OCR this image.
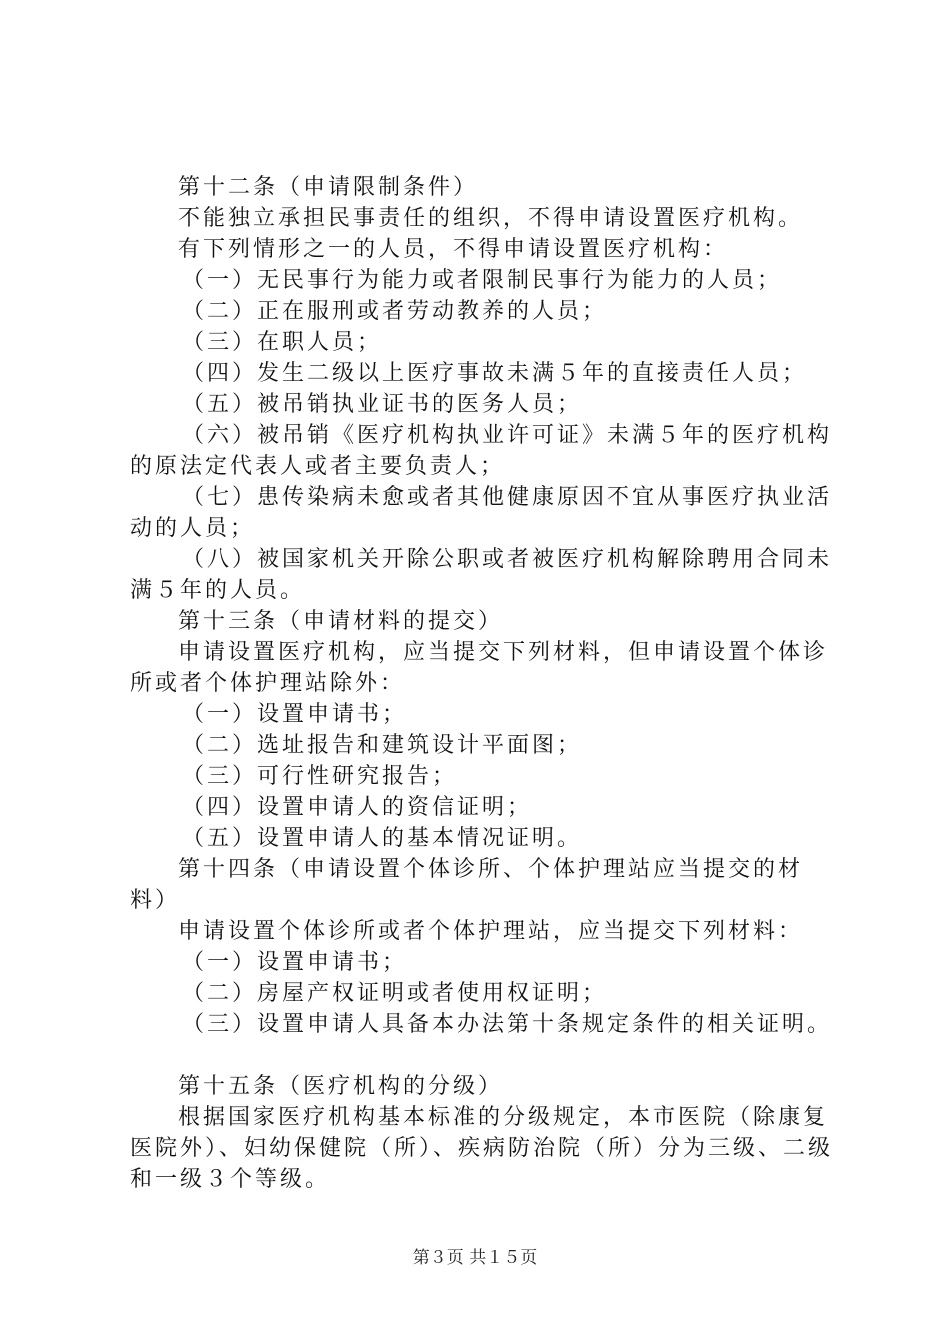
第十二条（申请限制条件）

不能独立承担民事责任的组织，不得申请设置医疗机构。

有下列情形之一的人员，不得申请设置医疗机构：

（一）无民事行为能力或者限制民事行为能力的人员；

（二）正在服刑或者劳动教养的人员；

（三）在职人员；

（四）发生二级以上医疗事故未满５年的直接责任人员；

（五）被吊销执业证书的医务人员；

（六）被吊销《医疗机构执业许可证》未满５年的医疗机构的原法定代表人或者主要负责人；

（七）患传染病未愈或者其他健康原因不宜从事医疗执业活动的人员；

（八）被国家机关开除公职或者被医疗机构解除聘用合同未满５年的人员。

第十三条（申请材料的提交）

申请设置医疗机构，应当提交下列材料，但申请设置个体诊所或者个体护理站除外：

（一）设置申请书；

（二）选址报告和建筑设计平面图；

（三）可行性研究报告；

（四）设置申请人的资信证明；

（五）设置申请人的基本情况证明。

第十四条（申请设置个体诊所、个体护理站应当提交的材料）

申请设置个体诊所或者个体护理站，应当提交下列材料：

（一）设置申请书；

（二）房屋产权证明或者使用权证明；

（三）设置申请人具备本办法第十条规定条件的相关证明。

第十五条（医疗机构的分级）

根据国家医疗机构基本标准的分级规定，本市医院（除康复医院外）、妇幼保健院（所）、疾病防治院（所）分为三级、二级和一级３个等级。

第３页 共１５页
